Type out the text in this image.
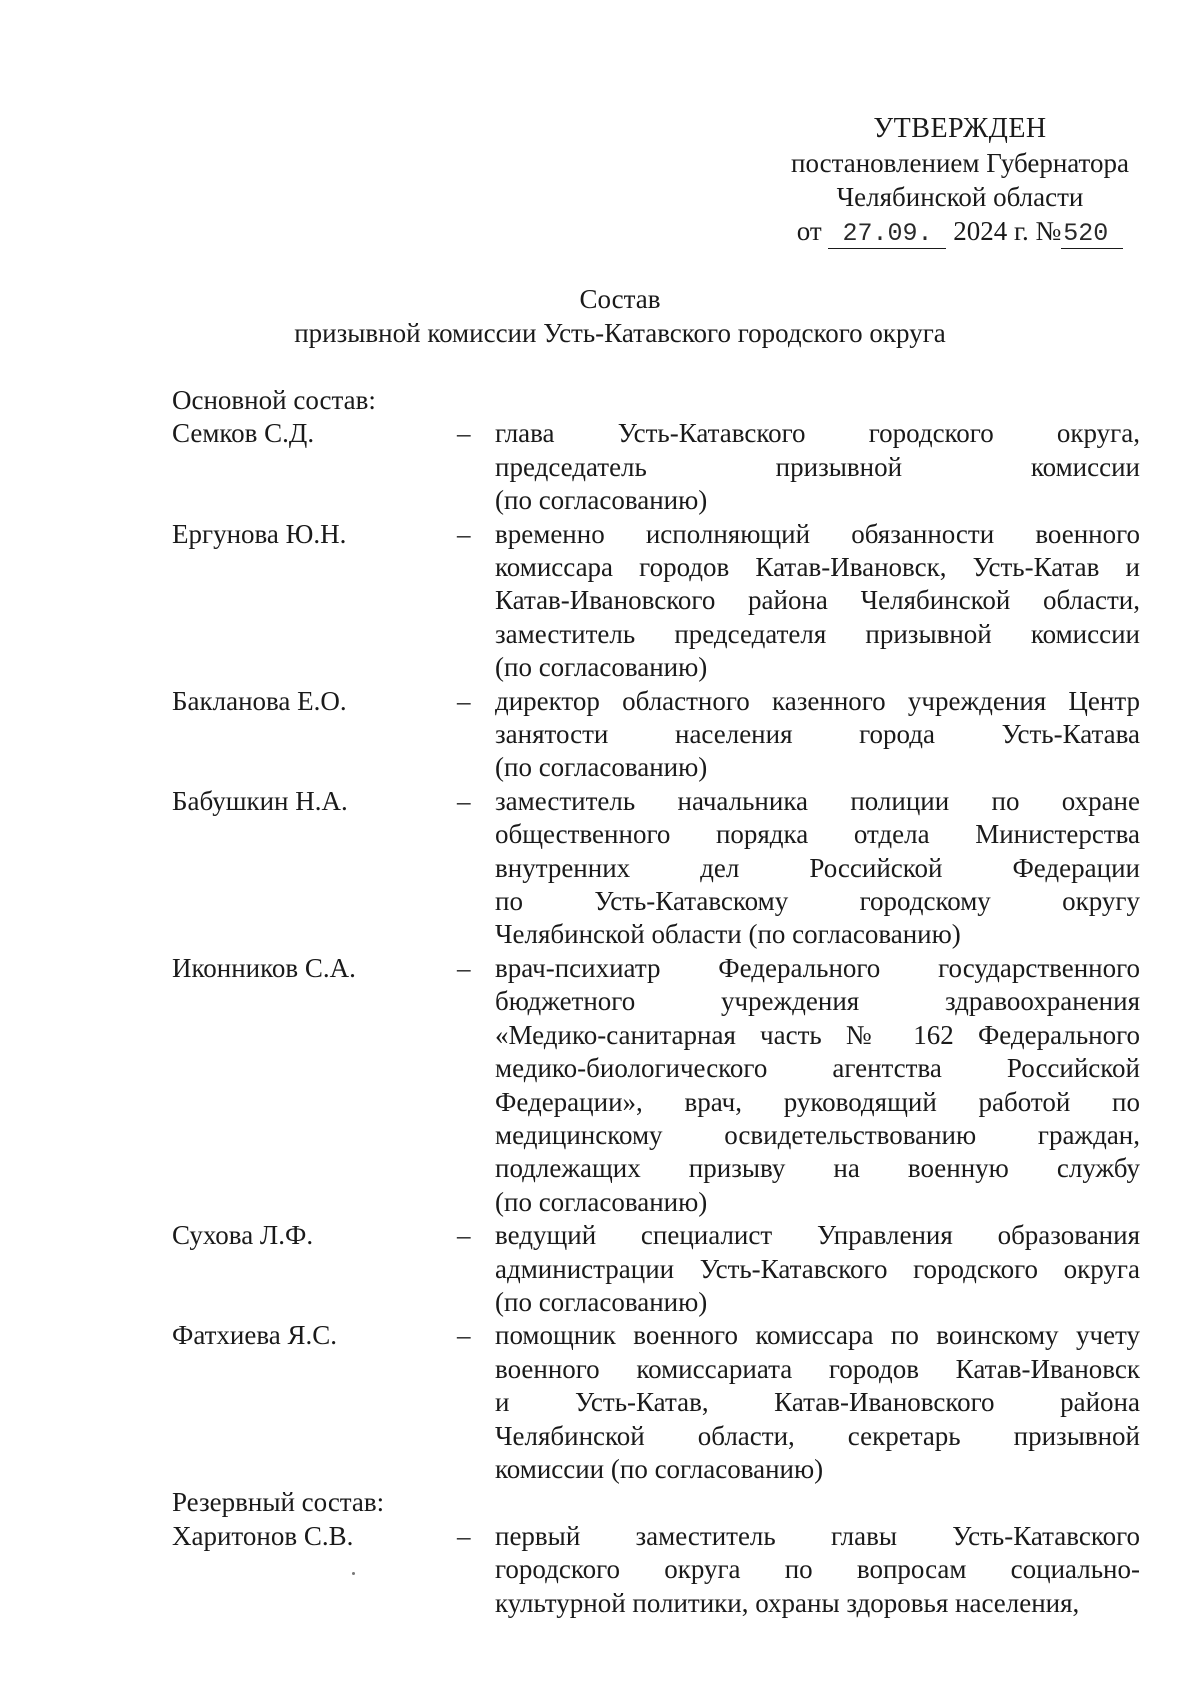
УТВЕРЖДЕН
постановлением Губернатора
Челябинской области
от 27.09. 2024 г. №520
Состав
призывной комиссии Усть-Катавского городского округа
Основной состав:
Семков С.Д.	– глава Усть-Катавского городского округа,
председатель призывной комиссии
(по согласованию)
Ергунова Ю.Н.	– временно исполняющий обязанности военного
комиссара городов Катав-Ивановск, Усть-Катав и
Катав-Ивановского района Челябинской области,
заместитель председателя призывной комиссии
(по согласованию)
Бакланова Е.О.	– директор областного казенного учреждения Центр
занятости населения города Усть-Катава
(по согласованию)
Бабушкин Н.А.	– заместитель начальника полиции по охране
общественного порядка отдела Министерства
внутренних дел Российской Федерации
по Усть-Катавскому городскому округу
Челябинской области (по согласованию)
Иконников С.А.	– врач-психиатр Федерального государственного
бюджетного учреждения здравоохранения
«Медико-санитарная часть № 162 Федерального
медико-биологического агентства Российской
Федерации», врач, руководящий работой по
медицинскому освидетельствованию граждан,
подлежащих призыву на военную службу
(по согласованию)
Сухова Л.Ф.	– ведущий специалист Управления образования
администрации Усть-Катавского городского округа
(по согласованию)
Фатхиева Я.С.	– помощник военного комиссара по воинскому учету
военного комиссариата городов Катав-Ивановск
и Усть-Катав, Катав-Ивановского района
Челябинской области, секретарь призывной
комиссии (по согласованию)
Резервный состав:
Харитонов С.В.	– первый заместитель главы Усть-Катавского
городского округа по вопросам социально-
культурной политики, охраны здоровья населения,
